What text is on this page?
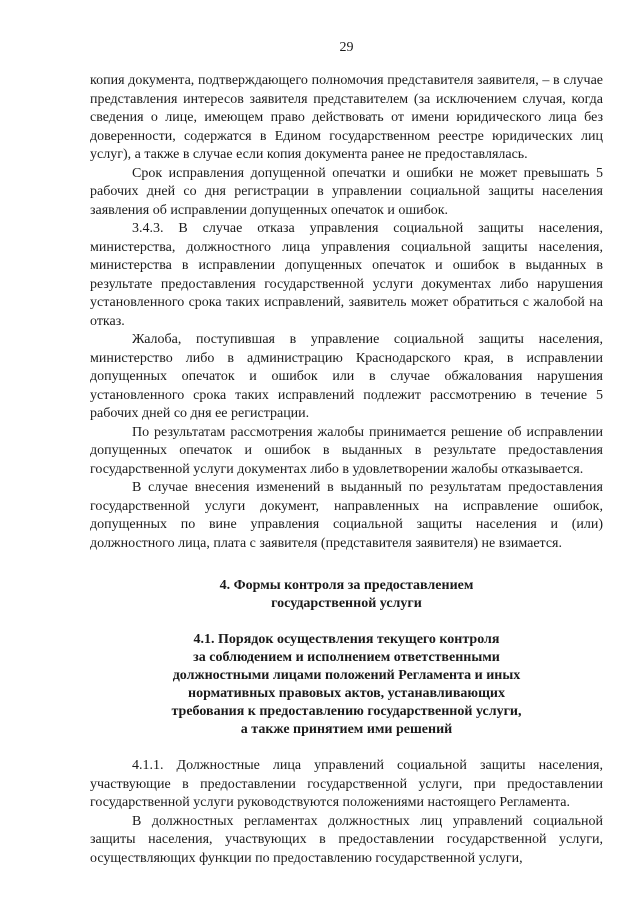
29

копия документа, подтверждающего полномочия представителя заявителя, – в случае представления интересов заявителя представителем (за исключением случая, когда сведения о лице, имеющем право действовать от имени юридического лица без доверенности, содержатся в Едином государственном реестре юридических лиц услуг), а также в случае если копия документа ранее не предоставлялась.

Срок исправления допущенной опечатки и ошибки не может превышать 5 рабочих дней со дня регистрации в управлении социальной защиты населения заявления об исправлении допущенных опечаток и ошибок.

3.4.3. В случае отказа управления социальной защиты населения, министерства, должностного лица управления социальной защиты населения, министерства в исправлении допущенных опечаток и ошибок в выданных в результате предоставления государственной услуги документах либо нарушения установленного срока таких исправлений, заявитель может обратиться с жалобой на отказ.

Жалоба, поступившая в управление социальной защиты населения, министерство либо в администрацию Краснодарского края, в исправлении допущенных опечаток и ошибок или в случае обжалования нарушения установленного срока таких исправлений подлежит рассмотрению в течение 5 рабочих дней со дня ее регистрации.

По результатам рассмотрения жалобы принимается решение об исправлении допущенных опечаток и ошибок в выданных в результате предоставления государственной услуги документах либо в удовлетворении жалобы отказывается.

В случае внесения изменений в выданный по результатам предоставления государственной услуги документ, направленных на исправление ошибок, допущенных по вине управления социальной защиты населения и (или) должностного лица, плата с заявителя (представителя заявителя) не взимается.

4. Формы контроля за предоставлением
государственной услуги
4.1. Порядок осуществления текущего контроля
за соблюдением и исполнением ответственными
должностными лицами положений Регламента и иных
нормативных правовых актов, устанавливающих
требования к предоставлению государственной услуги,
а также принятием ими решений

4.1.1. Должностные лица управлений социальной защиты населения, участвующие в предоставлении государственной услуги, при предоставлении государственной услуги руководствуются положениями настоящего Регламента.

В должностных регламентах должностных лиц управлений социальной защиты населения, участвующих в предоставлении государственной услуги, осуществляющих функции по предоставлению государственной услуги,
